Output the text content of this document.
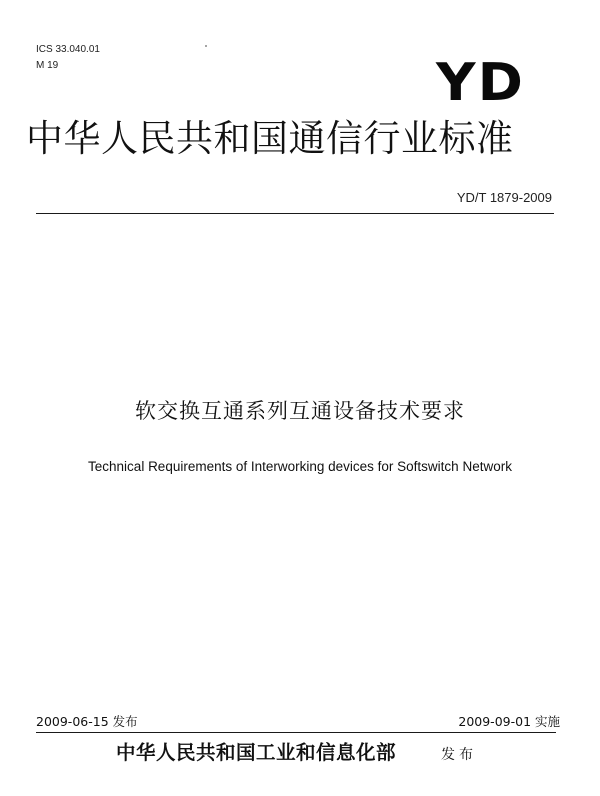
ICS 33.040.01
M 19	YD
中华人民共和国通信行业标准
YD/T 1879-2009
软交换互通系列互通设备技术要求
Technical Requirements of Interworking devices for Softswitch Network
2009-06-15 发布	2009-09-01 实施
中华人民共和国工业和信息化部	发布
